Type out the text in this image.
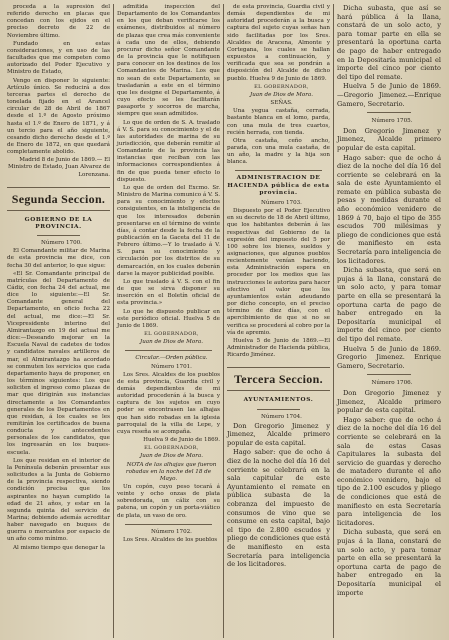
proceda a la supresión del referido derecho en placas que concedan con los ejidos en el preciso decreto de 22 de Noviembre último.

Fundado en estas consideraciones, y en uso de las facultades que me competen como autorizado del Poder Ejecutivo y Ministro de Estado,

Vengo en disponer lo siguiente: Artículo único. Se reducirá a dos terceras partes el derecho de tonelada fijado en el Arancel circular de 28 de Abril de 1867 desde el 1.º de Agosto próximo hasta el 1.º de Enero de 1871, y á un tercio para el año siguiente, cesando dicho derecho desde el 1.º de Enero de 1872, en que quedará completamente abolido.

Madrid 8 de Junio de 1869.— El Ministro de Estado, Juan Alvarez de Lorenzana.

Segunda Seccion.
GOBIERNO DE LA PROVINCIA.

Número 1700.

El Comandante militar de Marina de esta provincia me dice, con fecha 30 del anterior, lo que sigue:

«El Sr. Comandante principal de matrículas del Departamento de Cádiz, con fecha 24 del actual, me dice lo siguiente:—El Sr. Comandante general del Departamento, en oficio fecha 22 del actual, me dice:—El Sr. Vicepresidente interino del Almirantazgo en 19 del actual me dice:—Deseando mejorar en la Escuela Naval de cadetes de todos y candidatos navales artilleros de mar, el Almirantazgo ha acordado se conmuten los servicios que cada departamento haya de proponer, en los términos siguientes: Los que soliciten el ingreso como plazas de mar que dirigirán sus instancias directamente a los Comandantes generales de los Departamentos en que residan, á los cuales se les remitirán los certificados de buena conducta y antecedentes personales de los candidatos, que los ingresarán en los buques-escuela.

Los que residan en el interior de la Península deberán presentar sus solicitudes a la Junta de Gobierno de la provincia respectiva, siendo condición precisa que los aspirantes no hayan cumplido la edad de 21 años, y estar en la segunda quinta del servicio de Marina; debiendo además acreditar haber navegado en buques de guerra o mercantes por espacio de un año como mínimo.

Al mismo tiempo que denegar la

admitida inspección del Departamento de los Comandantes en los que deban verificarse los exámenes, distribuidos al número de plazas que crea más conveniente á cada uno de ellos, debiendo procurar dicho señor Comandante de la provincia que le notifiquen para conocer en los destinos de los Comandantes de Marina. Los que no sean de este Departamento, se trasladarán a este en el término que les designe el Departamento, á cuyo efecto se les facilitarán pasaporte y socorros de marcha, siempre que sean admitidos.

Lo que de orden de S. A. traslado á V. S. para su conocimiento y el de las autoridades de marina de su jurisdicción, que deberán remitir al Comandante de la provincia las instancias que reciban con las informaciones correspondientes á fin de que pueda tener efecto lo dispuesto.

Lo que de orden del Excmo. Sr. Ministro de Marina comunico á V. S. para su conocimiento y efectos consiguientes, en la inteligencia de que los interesados deberán presentarse en el término de veinte días, á contar desde la fecha de la publicación en la Gaceta del 11 de Febrero último.—Y lo traslado á V. S. para su conocimiento y circulación por los distritos de su demarcación, en los cuales deberán darse la mayor publicidad posible.

Lo que traslado á V. S. con el fin de que se sirva disponer su inserción en el Boletín oficial de esta provincia.»

Lo que he dispuesto publicar en este periódico oficial. Huelva 5 de Junio de 1869.

EL GOBERNADOR,

Juan de Dios de Mora.

Circular.—Orden pública.

Número 1701.

Los Sres. Alcaldes de los pueblos de esta provincia, Guardia civil y demás dependientes de mi autoridad procederán á la busca y captura de los sujetos en cuyo poder se encontrasen las alhajas que han sido robadas en la iglesia parroquial de la villa de Lepe, y cuya reseña se acompaña.

Huelva 9 de Junio de 1869.

EL GOBERNADOR,

Juan de Dios de Mora.

NOTA de las alhajas que fueron robadas en la noche del 18 de Mayo.

Un copón, cuyo peso tocará á veinte y ocho onzas de plata sobredorada, un cáliz con su patena, un copón y un porta-viático de plata, un vaso de oro.

Número 1702.

Los Sres. Alcaldes de los pueblos

de esta provincia, Guardia civil y demás dependientes de mi autoridad procederán a la busca y captura del sujeto cuyas señas han sido facilitadas por los Sres. Alcaldes de Aracena, Almonte y Cortegana, los cuales se hallan expuestos a continuación, y verificada que sea se pondrán a disposición del Alcalde de dicho pueblo. Huelva 9 de Junio de 1869.

EL GOBERNADOR,

Juan de Dios de Mora.

SEÑAS.

Una yegua castaña, cerrada, bastante blanca en el lomo, parda, con una mula de tres cuartos, recién herrada, con tienda.

Otra castaña, ceño ancho, parada, con una mula castaña, de un año, la madre y la hija son blanca.

ADMINISTRACION DE HACIENDA pública de esta provincia.

Número 1703.

Dispuesto por el Poder Ejecutivo en su decreto de 18 de Abril último, que los habitantes deberán á las respectivas del Gobierno de la expresión del impuesto del 5 por 100 sobre los bienes, sueldos y asignaciones, que algunos pueblos recientemente venían haciendo, esta Administración espera en proceder por los medios que las instrucciones le autoriza para hacer efectivo el valor que los ayuntamientos están adeudando por dicho concepto, en el preciso término de diez días, con el apercibimiento de que si no se verifica se procederá al cobro por la vía de apremio.

Huelva 5 de Junio de 1869.—El Administrador de Hacienda pública, Ricardo Jiménez.

Tercera Seccion.
AYUNTAMIENTOS.

Número 1704.

Don Gregorio Jimenez y Jimenez, Alcalde primero popular de esta capital.

Hago saber: que de ocho á diez de la noche del día 16 del corriente se celebrará en la sala capitular de este Ayuntamiento el remate en pública subasta de la cobranza del impuesto de consumos de vino que se consume en esta capital, bajo el tipo de 2.800 escudos y pliego de condiciones que está de manifiesto en esta Secretaría para inteligencia de los licitadores.

Dicha subasta, que así se hará pública á la llana, constará de un solo acto, y para tomar parte en ella se presentará la oportuna carta de pago de haber entregado en la Depositaría municipal el importe del cinco por ciento del tipo del remate.

Huelva 5 de Junio de 1869. —Gregorio Jimenez.—Enrique Gamero, Secretario.

Número 1705.

Don Gregorio Jimenez y Jimenez, Alcalde primero popular de esta capital.

Hago saber: que de ocho á diez de la noche del día 16 del corriente se celebrará en la sala de este Ayuntamiento el remate en pública subasta de pesas y medidas durante el año económico venidero de 1869 á 70, bajo el tipo de 355 escudos 700 milésimas y pliego de condiciones que está de manifiesto en esta Secretaría para inteligencia de los licitadores.

Dicha subasta, que será en pujas á la llana, constará de un solo acto, y para tomar parte en ella se presentará la oportuna carta de pago de haber entregado en la Depositaría municipal el importe del cinco por ciento del tipo del remate.

Huelva 5 de Junio de 1869. Gregorio Jimenez. Enrique Gamero, Secretario.

Número 1706.

Don Gregorio Jimenez y Jimenez, Alcalde primero popular de esta capital.

Hago saber: que de ocho á diez de la noche del día 16 del corriente se celebrará en la sala de estas Casas Capitulares la subasta del servicio de guardas y derecho de matadero durante el año económico venidero, bajo el tipo de 2.100 escudos y pliego de condiciones que está de manifiesto en esta Secretaría para inteligencia de los licitadores.

Dicha subasta, que será en pujas á la llana, constará de un solo acto, y para tomar parte en ella se presentará la oportuna carta de pago de haber entregado en la Depositaría municipal el importe
